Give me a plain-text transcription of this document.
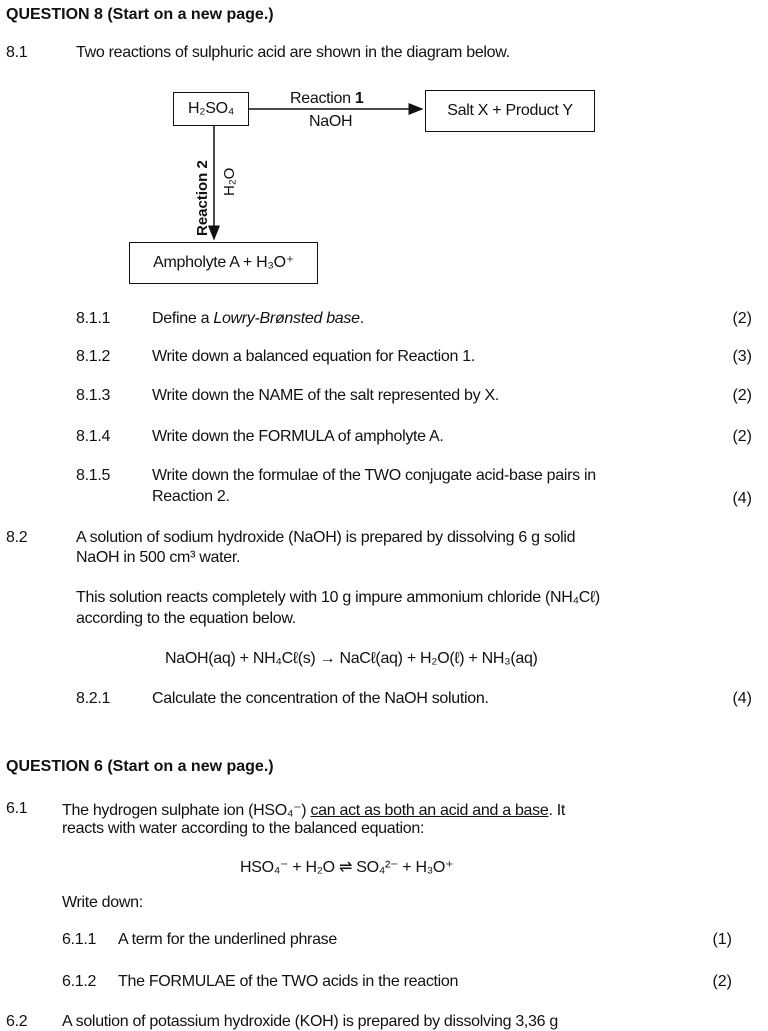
QUESTION 8 (Start on a new page.)
8.1	Two reactions of sulphuric acid are shown in the diagram below.
H₂SO₄	Salt X + Product Y
Ampholyte A + H₃O⁺
Reaction 1
NaOH
Reaction 2 H₂O
8.1.1	Define a Lowry-Brønsted base.	(2)
8.1.2	Write down a balanced equation for Reaction 1.	(3)
8.1.3	Write down the NAME of the salt represented by X.	(2)
8.1.4	Write down the FORMULA of ampholyte A.	(2)
8.1.5	Write down the formulae of the TWO conjugate acid-base pairs in
Reaction 2.	(4)
8.2	A solution of sodium hydroxide (NaOH) is prepared by dissolving 6 g solid
NaOH in 500 cm³ water.
This solution reacts completely with 10 g impure ammonium chloride (NH₄Cℓ)
according to the equation below.
NaOH(aq) + NH₄Cℓ(s) → NaCℓ(aq) + H₂O(ℓ) + NH₃(aq)
8.2.1	Calculate the concentration of the NaOH solution.	(4)
QUESTION 6 (Start on a new page.)
6.1 The hydrogen sulphate ion (HSO₄⁻) can act as both an acid and a base. It
reacts with water according to the balanced equation:
HSO₄⁻ + H₂O ⇌ SO₄²⁻ + H₃O⁺
Write down:
6.1.1 A term for the underlined phrase	(1)
6.1.2 The FORMULAE of the TWO acids in the reaction	(2)
6.2 A solution of potassium hydroxide (KOH) is prepared by dissolving 3,36 g
